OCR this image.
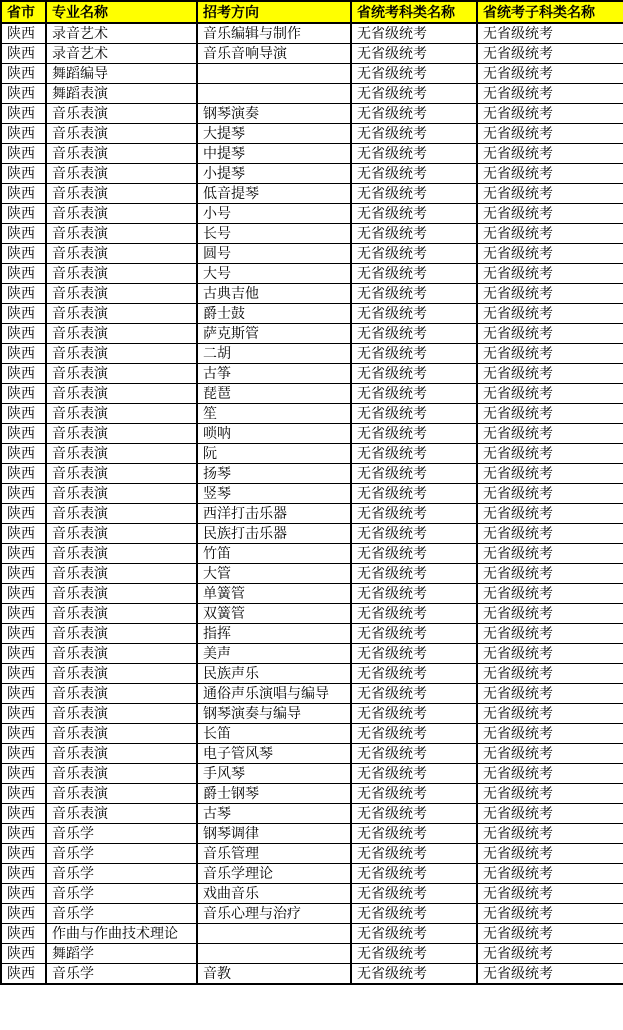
省市	专业名称	招考方向	省统考科类名称	省统考子科类名称
陕西	录音艺术	音乐编辑与制作	无省级统考	无省级统考
陕西	录音艺术	音乐音响导演	无省级统考	无省级统考
陕西	舞蹈编导		无省级统考	无省级统考
陕西	舞蹈表演		无省级统考	无省级统考
陕西	音乐表演	钢琴演奏	无省级统考	无省级统考
陕西	音乐表演	大提琴	无省级统考	无省级统考
陕西	音乐表演	中提琴	无省级统考	无省级统考
陕西	音乐表演	小提琴	无省级统考	无省级统考
陕西	音乐表演	低音提琴	无省级统考	无省级统考
陕西	音乐表演	小号	无省级统考	无省级统考
陕西	音乐表演	长号	无省级统考	无省级统考
陕西	音乐表演	圆号	无省级统考	无省级统考
陕西	音乐表演	大号	无省级统考	无省级统考
陕西	音乐表演	古典吉他	无省级统考	无省级统考
陕西	音乐表演	爵士鼓	无省级统考	无省级统考
陕西	音乐表演	萨克斯管	无省级统考	无省级统考
陕西	音乐表演	二胡	无省级统考	无省级统考
陕西	音乐表演	古筝	无省级统考	无省级统考
陕西	音乐表演	琵琶	无省级统考	无省级统考
陕西	音乐表演	笙	无省级统考	无省级统考
陕西	音乐表演	唢呐	无省级统考	无省级统考
陕西	音乐表演	阮	无省级统考	无省级统考
陕西	音乐表演	扬琴	无省级统考	无省级统考
陕西	音乐表演	竖琴	无省级统考	无省级统考
陕西	音乐表演	西洋打击乐器	无省级统考	无省级统考
陕西	音乐表演	民族打击乐器	无省级统考	无省级统考
陕西	音乐表演	竹笛	无省级统考	无省级统考
陕西	音乐表演	大管	无省级统考	无省级统考
陕西	音乐表演	单簧管	无省级统考	无省级统考
陕西	音乐表演	双簧管	无省级统考	无省级统考
陕西	音乐表演	指挥	无省级统考	无省级统考
陕西	音乐表演	美声	无省级统考	无省级统考
陕西	音乐表演	民族声乐	无省级统考	无省级统考
陕西	音乐表演	通俗声乐演唱与编导	无省级统考	无省级统考
陕西	音乐表演	钢琴演奏与编导	无省级统考	无省级统考
陕西	音乐表演	长笛	无省级统考	无省级统考
陕西	音乐表演	电子管风琴	无省级统考	无省级统考
陕西	音乐表演	手风琴	无省级统考	无省级统考
陕西	音乐表演	爵士钢琴	无省级统考	无省级统考
陕西	音乐表演	古琴	无省级统考	无省级统考
陕西	音乐学	钢琴调律	无省级统考	无省级统考
陕西	音乐学	音乐管理	无省级统考	无省级统考
陕西	音乐学	音乐学理论	无省级统考	无省级统考
陕西	音乐学	戏曲音乐	无省级统考	无省级统考
陕西	音乐学	音乐心理与治疗	无省级统考	无省级统考
陕西	作曲与作曲技术理论		无省级统考	无省级统考
陕西	舞蹈学		无省级统考	无省级统考
陕西	音乐学	音教	无省级统考	无省级统考
